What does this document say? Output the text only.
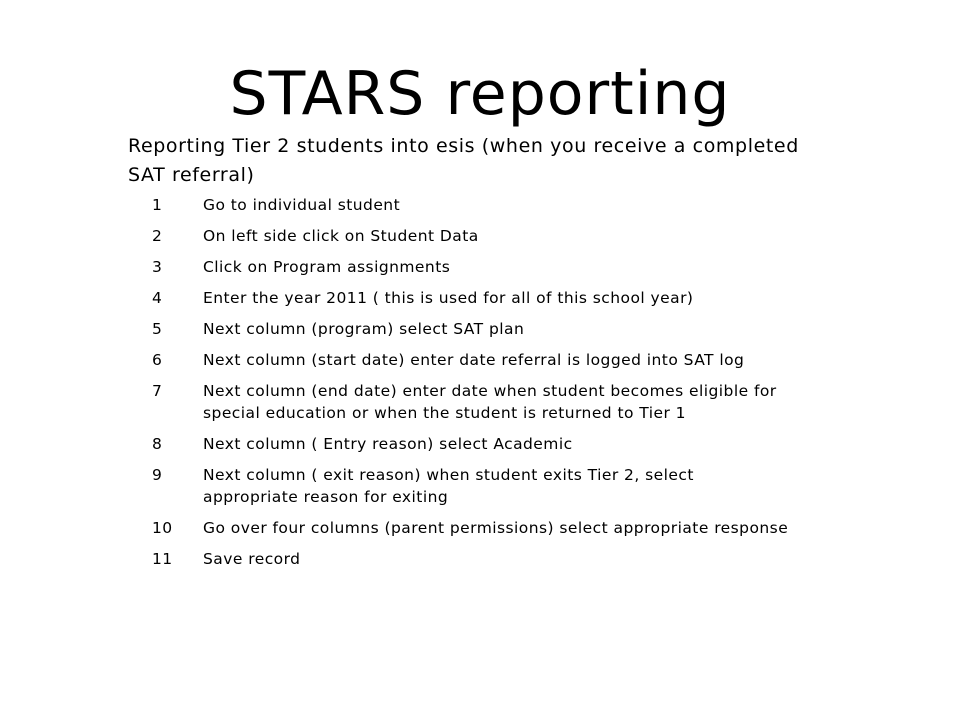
STARS reporting
Reporting Tier 2 students into esis (when you receive a completed SAT referral)
1	Go to individual student
2	On left side click on Student Data
3	Click on Program assignments
4	Enter the year 2011 ( this is used for all of this school year)
5	Next column (program) select SAT plan
6	Next column (start date) enter date referral is logged into SAT log
7	Next column (end date) enter date when student becomes eligible for special education or when the student is returned to Tier 1
8	Next column ( Entry reason) select Academic
9	Next column ( exit reason) when student exits Tier 2, select appropriate reason for exiting
10	Go over four columns (parent permissions) select appropriate response
11	Save record
